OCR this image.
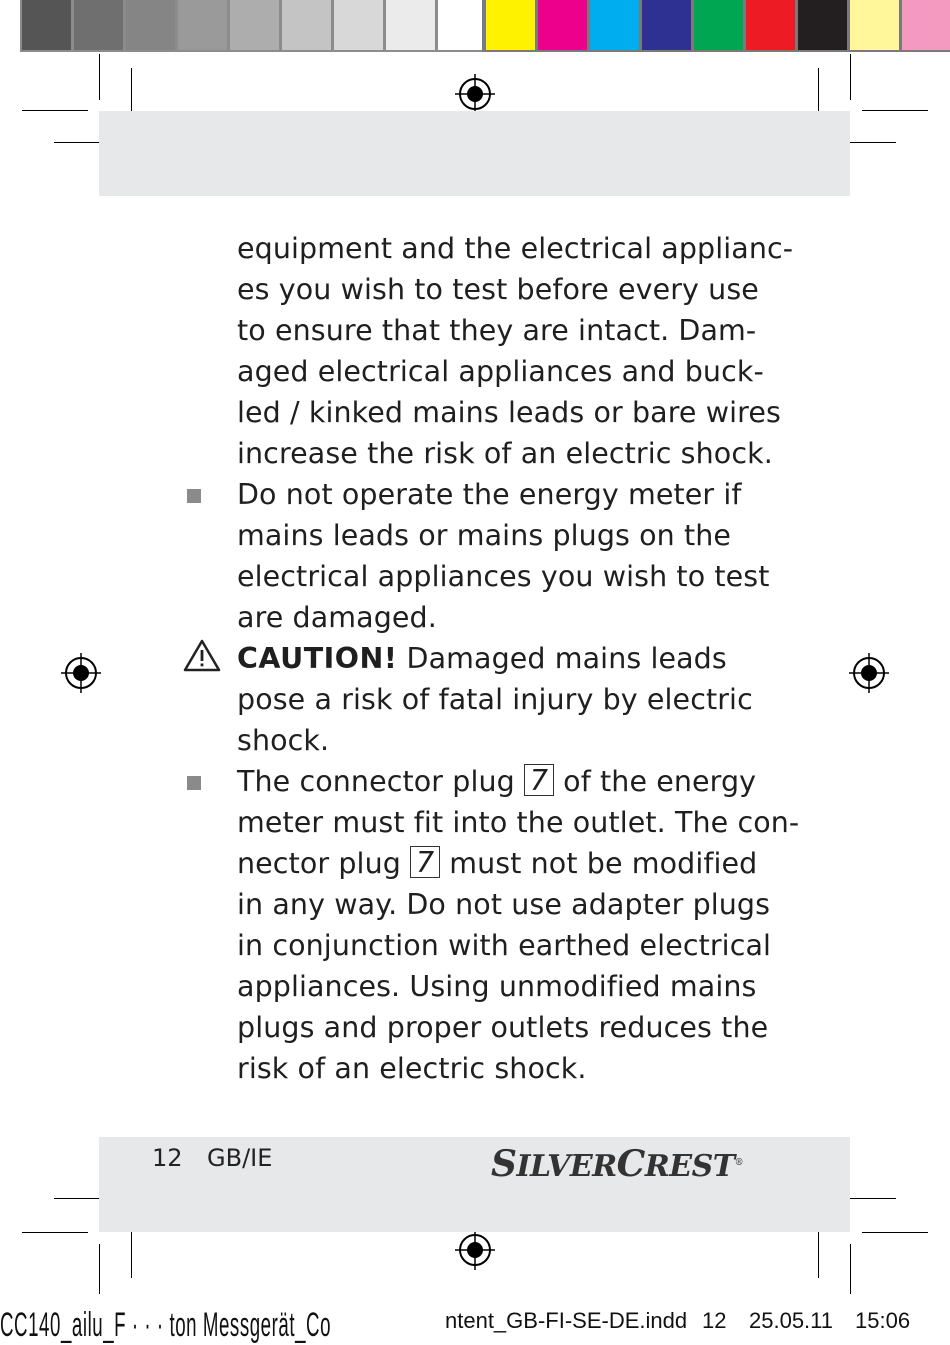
equipment and the electrical applianc-
es you wish to test before every use
to ensure that they are intact. Dam-
aged electrical appliances and buck-
led / kinked mains leads or bare wires
increase the risk of an electric shock.
Do not operate the energy meter if
mains leads or mains plugs on the
electrical appliances you wish to test
are damaged.
CAUTION! Damaged mains leads
pose a risk of fatal injury by electric
shock.
The connector plug 7 of the energy
meter must fit into the outlet. The con-
nector plug 7 must not be modified
in any way. Do not use adapter plugs
in conjunction with earthed electrical
appliances. Using unmodified mains
plugs and proper outlets reduces the
risk of an electric shock.
12 GB/IE	SILVERCREST®
CC140_ailu_F · · · ton Messgerät_Co	ntent_GB-FI-SE-DE.indd 12 25.05.11 15:06
